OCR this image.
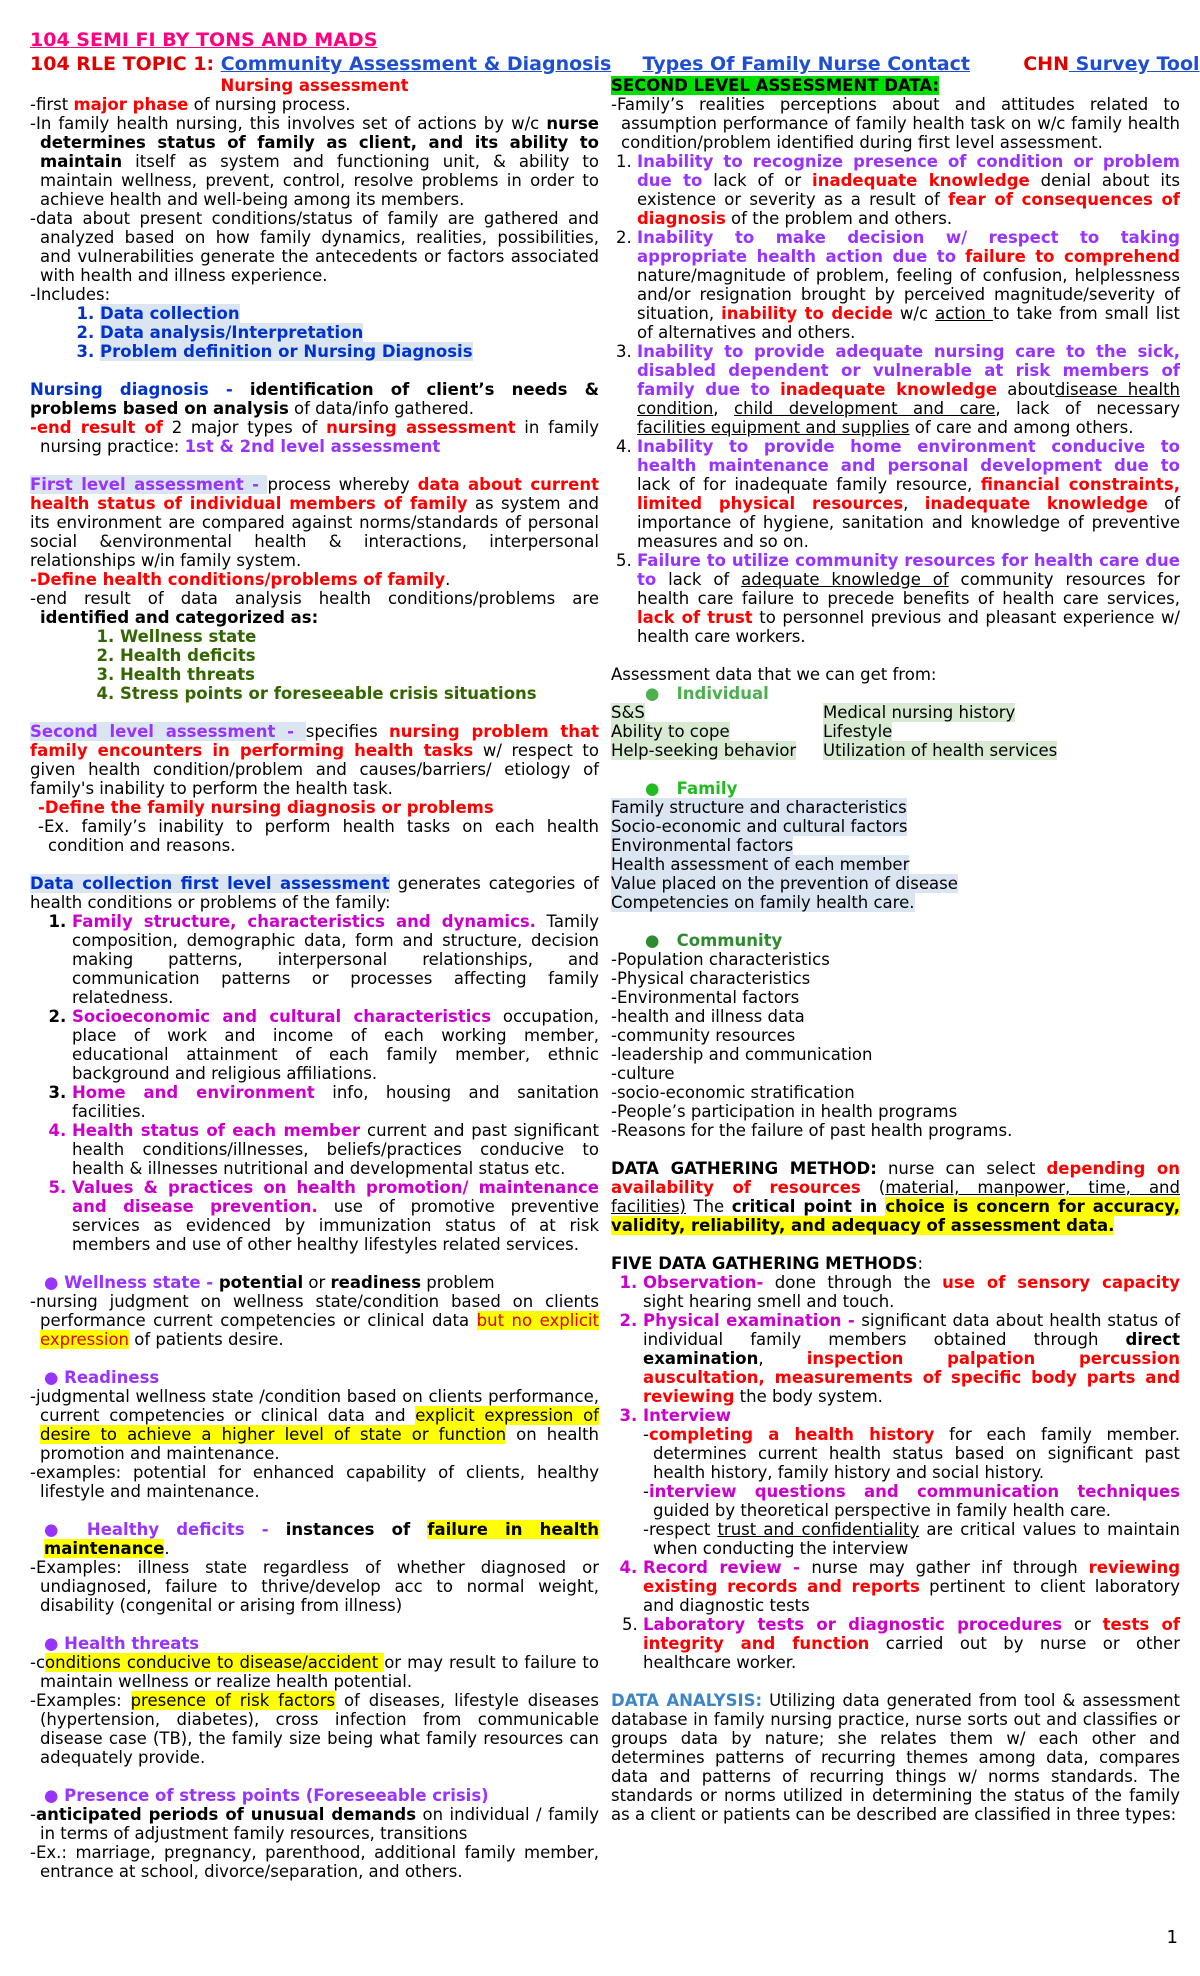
104 SEMI FI BY TONS AND MADS
104 RLE TOPIC 1: Community Assessment & Diagnosis Types Of Family Nurse Contact	CHN Survey Tool

Nursing assessment

-first major phase of nursing process.

-In family health nursing, this involves set of actions by w/c nurse determines status of family as client, and its ability to maintain itself as system and functioning unit, & ability to maintain wellness, prevent, control, resolve problems in order to achieve health and well-being among its members.

-data about present conditions/status of family are gathered and analyzed based on how family dynamics, realities, possibilities, and vulnerabilities generate the antecedents or factors associated with health and illness experience.

-Includes:

1. Data collection
2. Data analysis/Interpretation
3. Problem definition or Nursing Diagnosis

Nursing diagnosis - identification of client’s needs & problems based on analysis of data/info gathered.

-end result of 2 major types of nursing assessment in family nursing practice: 1st & 2nd level assessment

First level assessment - process whereby data about current health status of individual members of family as system and its environment are compared against norms/standards of personal social &environmental health & interactions, interpersonal relationships w/in family system.

-Define health conditions/problems of family.

-end result of data analysis health conditions/problems are identified and categorized as:

1. Wellness state
2. Health deficits
3. Health threats
4. Stress points or foreseeable crisis situations

Second level assessment - specifies nursing problem that family encounters in performing health tasks w/ respect to given health condition/problem and causes/barriers/ etiology of family's inability to perform the health task.

-Define the family nursing diagnosis or problems

-Ex. family’s inability to perform health tasks on each health condition and reasons.

Data collection first level assessment generates categories of health conditions or problems of the family:

1. Family structure, characteristics and dynamics. Tamily composition, demographic data, form and structure, decision making patterns, interpersonal relationships, and communication patterns or processes affecting family relatedness.
2. Socioeconomic and cultural characteristics occupation, place of work and income of each working member, educational attainment of each family member, ethnic background and religious affiliations.
3. Home and environment info, housing and sanitation facilities.
4. Health status of each member current and past significant health conditions/illnesses, beliefs/practices conducive to health & illnesses nutritional and developmental status etc.
5. Values & practices on health promotion/ maintenance and disease prevention. use of promotive preventive services as evidenced by immunization status of at risk members and use of other healthy lifestyles related services.

● Wellness state - potential or readiness problem

-nursing judgment on wellness state/condition based on clients performance current competencies or clinical data but no explicit expression of patients desire.

● Readiness

-judgmental wellness state /condition based on clients performance, current competencies or clinical data and explicit expression of desire to achieve a higher level of state or function on health promotion and maintenance.

-examples: potential for enhanced capability of clients, healthy lifestyle and maintenance.

● Healthy deficits - instances of failure in health maintenance.

-Examples: illness state regardless of whether diagnosed or undiagnosed, failure to thrive/develop acc to normal weight, disability (congenital or arising from illness)

● Health threats

-conditions conducive to disease/accident or may result to failure to maintain wellness or realize health potential.

-Examples: presence of risk factors of diseases, lifestyle diseases (hypertension, diabetes), cross infection from communicable disease case (TB), the family size being what family resources can adequately provide.

● Presence of stress points (Foreseeable crisis)

-anticipated periods of unusual demands on individual / family in terms of adjustment family resources, transitions

-Ex.: marriage, pregnancy, parenthood, additional family member, entrance at school, divorce/separation, and others.

SECOND LEVEL ASSESSMENT DATA:

-Family’s realities perceptions about and attitudes related to assumption performance of family health task on w/c family health condition/problem identified during first level assessment.

1. Inability to recognize presence of condition or problem due to lack of or inadequate knowledge denial about its existence or severity as a result of fear of consequences of diagnosis of the problem and others.
2. Inability to make decision w/ respect to taking appropriate health action due to failure to comprehend nature/magnitude of problem, feeling of confusion, helplessness and/or resignation brought by perceived magnitude/severity of situation, inability to decide w/c action to take from small list of alternatives and others.
3. Inability to provide adequate nursing care to the sick, disabled dependent or vulnerable at risk members of family due to inadequate knowledge aboutdisease health condition, child development and care, lack of necessary facilities equipment and supplies of care and among others.
4. Inability to provide home environment conducive to health maintenance and personal development due to lack of for inadequate family resource, financial constraints, limited physical resources, inadequate knowledge of importance of hygiene, sanitation and knowledge of preventive measures and so on.
5. Failure to utilize community resources for health care due to lack of adequate knowledge of community resources for health care failure to precede benefits of health care services, lack of trust to personnel previous and pleasant experience w/ health care workers.

Assessment data that we can get from:

●   Individual

S&S	Medical nursing history
Ability to cope	Lifestyle
Help-seeking behavior	Utilization of health services

●   Family

Family structure and characteristics

Socio-economic and cultural factors

Environmental factors

Health assessment of each member

Value placed on the prevention of disease

Competencies on family health care.

●   Community

-Population characteristics

-Physical characteristics

-Environmental factors

-health and illness data

-community resources

-leadership and communication

-culture

-socio-economic stratification

-People’s participation in health programs

-Reasons for the failure of past health programs.

DATA GATHERING METHOD: nurse can select depending on availability of resources (material, manpower, time, and facilities) The critical point in choice is concern for accuracy, validity, reliability, and adequacy of assessment data.

FIVE DATA GATHERING METHODS:

1. Observation- done through the use of sensory capacity sight hearing smell and touch.
2. Physical examination - significant data about health status of individual family members obtained through direct examination, inspection palpation percussion auscultation, measurements of specific body parts and reviewing the body system.
3. Interview
-completing a health history for each family member. determines current health status based on significant past health history, family history and social history.
-interview questions and communication techniques guided by theoretical perspective in family health care.
-respect trust and confidentiality are critical values to maintain when conducting the interview
4. Record review - nurse may gather inf through reviewing existing records and reports pertinent to client laboratory and diagnostic tests
5. Laboratory tests or diagnostic procedures or tests of integrity and function carried out by nurse or other healthcare worker.

DATA ANALYSIS: Utilizing data generated from tool & assessment database in family nursing practice, nurse sorts out and classifies or groups data by nature; she relates them w/ each other and determines patterns of recurring themes among data, compares data and patterns of recurring things w/ norms standards. The standards or norms utilized in determining the status of the family as a client or patients can be described are classified in three types:

1
